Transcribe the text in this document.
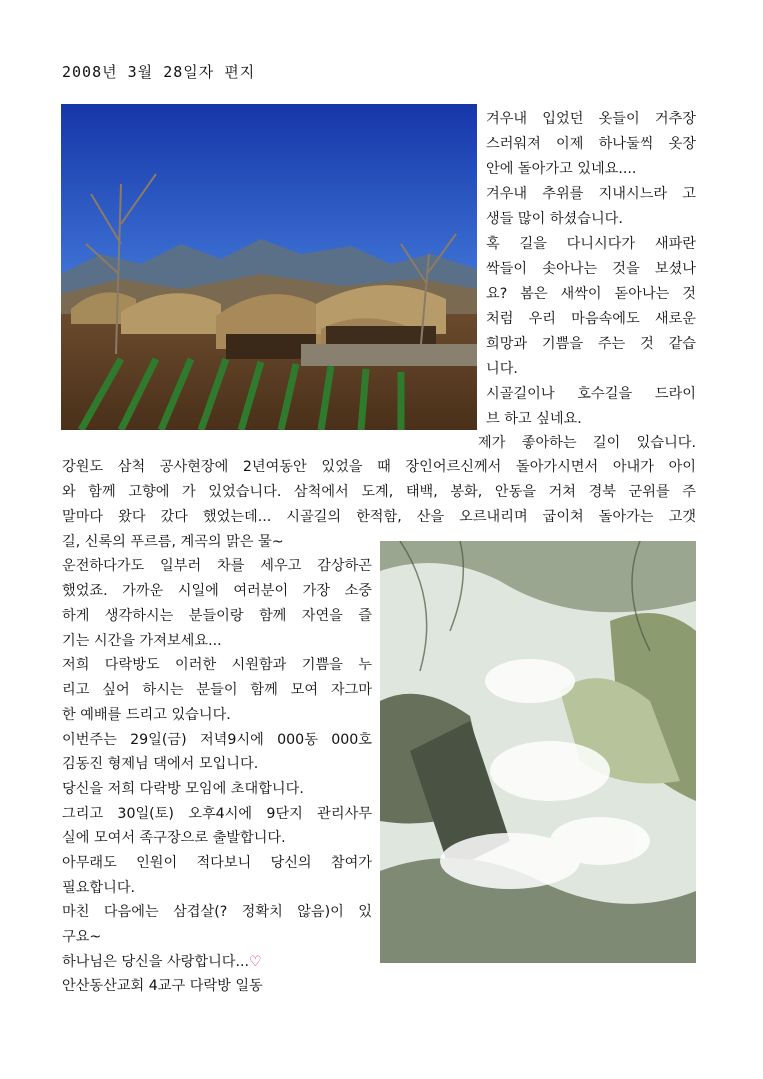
2008년 3월 28일자 편지
겨우내 입었던 옷들이 거추장
스러워져 이제 하나둘씩 옷장
안에 돌아가고 있네요....
겨우내 추위를 지내시느라 고
생들 많이 하셨습니다.
혹 길을 다니시다가 새파란
싹들이 솟아나는 것을 보셨나
요? 봄은 새싹이 돋아나는 것
처럼 우리 마음속에도 새로운
희망과 기쁨을 주는 것 같습
니다.
시골길이나 호수길을 드라이
브 하고 싶네요.
제가 좋아하는 길이 있습니다.
강원도 삼척 공사현장에 2년여동안 있었을 때 장인어르신께서 돌아가시면서 아내가 아이
와 함께 고향에 가 있었습니다. 삼척에서 도계, 태백, 봉화, 안동을 거쳐 경북 군위를 주
말마다 왔다 갔다 했었는데... 시골길의 한적함, 산을 오르내리며 굽이쳐 돌아가는 고갯
길, 신록의 푸르름, 계곡의 맑은 물~
운전하다가도 일부러 차를 세우고 감상하곤
했었죠. 가까운 시일에 여러분이 가장 소중
하게 생각하시는 분들이랑 함께 자연을 즐
기는 시간을 가져보세요...
저희 다락방도 이러한 시원함과 기쁨을 누
리고 싶어 하시는 분들이 함께 모여 자그마
한 예배를 드리고 있습니다.
이번주는 29일(금) 저녁9시에 000동 000호
김동진 형제님 댁에서 모입니다.
당신을 저희 다락방 모임에 초대합니다.
그리고 30일(토) 오후4시에 9단지 관리사무
실에 모여서 족구장으로 출발합니다.
아무래도 인원이 적다보니 당신의 참여가
필요합니다.
마친 다음에는 삼겹살(? 정확치 않음)이 있
구요~
하나님은 당신을 사랑합니다...♡
안산동산교회 4교구 다락방 일동
